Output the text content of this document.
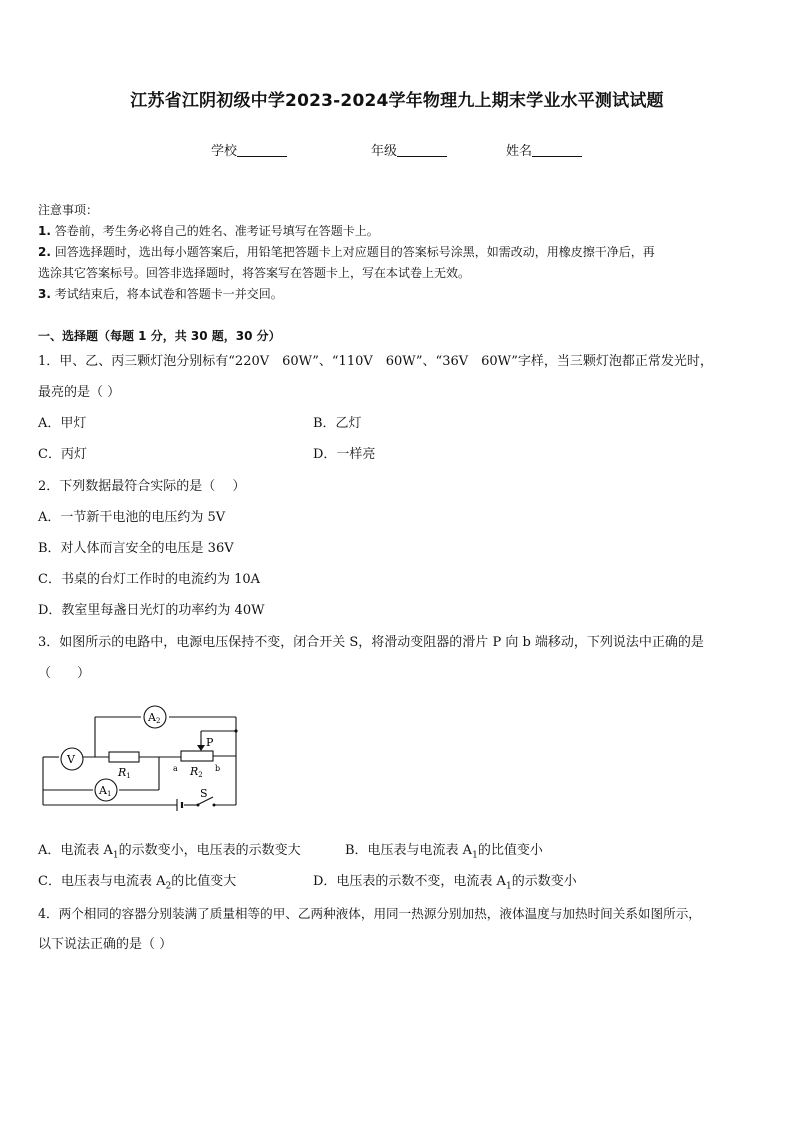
江苏省江阴初级中学2023-2024学年物理九上期末学业水平测试试题
学校	年级	姓名
注意事项：
1. 答卷前，考生务必将自己的姓名、准考证号填写在答题卡上。
2. 回答选择题时，选出每小题答案后，用铅笔把答题卡上对应题目的答案标号涂黑，如需改动，用橡皮擦干净后，再
选涂其它答案标号。回答非选择题时，将答案写在答题卡上，写在本试卷上无效。
3. 考试结束后，将本试卷和答题卡一并交回。
一、选择题（每题 1 分，共 30 题，30 分）
1．甲、乙、丙三颗灯泡分别标有“220V　60W”、“110V　60W”、“36V　60W”字样，当三颗灯泡都正常发光时，
最亮的是（ ）
A．甲灯	B．乙灯
C．丙灯	D．一样亮
2．下列数据最符合实际的是（　 ）
A．一节新干电池的电压约为 5V
B．对人体而言安全的电压是 36V
C．书桌的台灯工作时的电流约为 10A
D．教室里每盏日光灯的功率约为 40W
3．如图所示的电路中，电源电压保持不变，闭合开关 S，将滑动变阻器的滑片 P 向 b 端移动，下列说法中正确的是
（　　）
A2
V
R1
P
a	b
R2
A1	S
A．电流表 $A_1$的示数变小，电压表的示数变大	B．电压表与电流表 $A_1$的比值变小
C．电压表与电流表 $A_2$的比值变大	D．电压表的示数不变，电流表 $A_1$的示数变小
4．两个相同的容器分别装满了质量相等的甲、乙两种液体，用同一热源分别加热，液体温度与加热时间关系如图所示，
以下说法正确的是（ ）
